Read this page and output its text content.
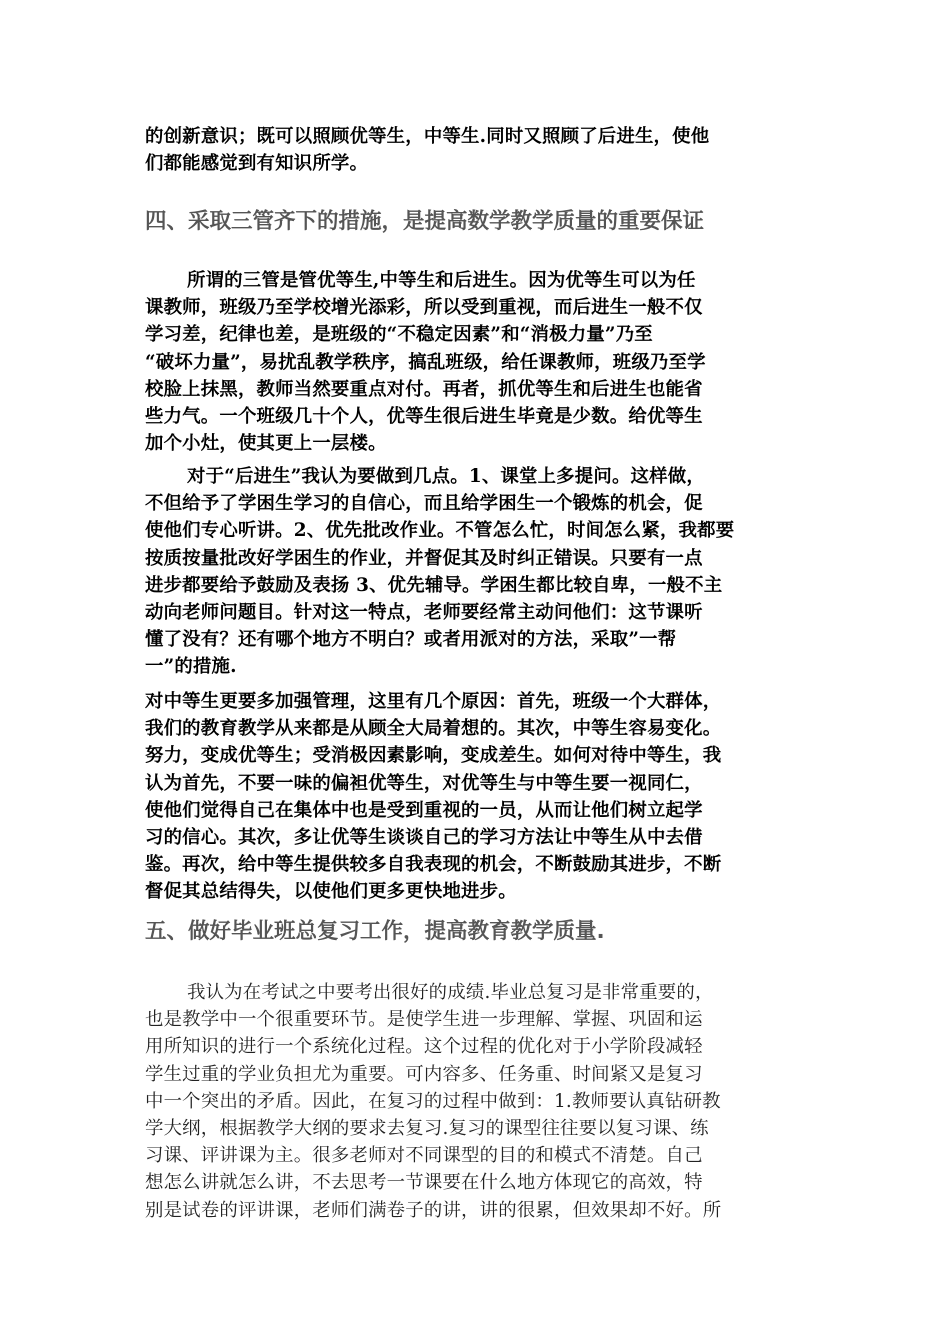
的创新意识；既可以照顾优等生，中等生.同时又照顾了后进生，使他
们都能感觉到有知识所学。
四、采取三管齐下的措施，是提高数学教学质量的重要保证
所谓的三管是管优等生,中等生和后进生。因为优等生可以为任
课教师，班级乃至学校增光添彩，所以受到重视，而后进生一般不仅
学习差，纪律也差，是班级的“不稳定因素”和“消极力量”乃至
“破坏力量”，易扰乱教学秩序，搞乱班级，给任课教师，班级乃至学
校脸上抹黑，教师当然要重点对付。再者，抓优等生和后进生也能省
些力气。一个班级几十个人，优等生很后进生毕竟是少数。给优等生
加个小灶，使其更上一层楼。
对于“后进生”我认为要做到几点。1、课堂上多提问。这样做，
不但给予了学困生学习的自信心，而且给学困生一个锻炼的机会，促
使他们专心听讲。2、优先批改作业。不管怎么忙，时间怎么紧，我都要
按质按量批改好学困生的作业，并督促其及时纠正错误。只要有一点
进步都要给予鼓励及表扬 3、优先辅导。学困生都比较自卑，一般不主
动向老师问题目。针对这一特点，老师要经常主动问他们：这节课听
懂了没有？还有哪个地方不明白？或者用派对的方法，采取”一帮
一”的措施.
对中等生更要多加强管理，这里有几个原因：首先，班级一个大群体，
我们的教育教学从来都是从顾全大局着想的。其次，中等生容易变化。
努力，变成优等生；受消极因素影响，变成差生。如何对待中等生，我
认为首先，不要一味的偏袒优等生，对优等生与中等生要一视同仁，
使他们觉得自己在集体中也是受到重视的一员，从而让他们树立起学
习的信心。其次，多让优等生谈谈自己的学习方法让中等生从中去借
鉴。再次，给中等生提供较多自我表现的机会，不断鼓励其进步，不断
督促其总结得失，以使他们更多更快地进步。
五、做好毕业班总复习工作，提高教育教学质量.
我认为在考试之中要考出很好的成绩.毕业总复习是非常重要的，
也是教学中一个很重要环节。是使学生进一步理解、掌握、巩固和运
用所知识的进行一个系统化过程。这个过程的优化对于小学阶段减轻
学生过重的学业负担尤为重要。可内容多、任务重、时间紧又是复习
中一个突出的矛盾。因此，在复习的过程中做到：1.教师要认真钻研教
学大纲，根据教学大纲的要求去复习.复习的课型往往要以复习课、练
习课、评讲课为主。很多老师对不同课型的目的和模式不清楚。自己
想怎么讲就怎么讲，不去思考一节课要在什么地方体现它的高效，特
别是试卷的评讲课，老师们满卷子的讲，讲的很累，但效果却不好。所
